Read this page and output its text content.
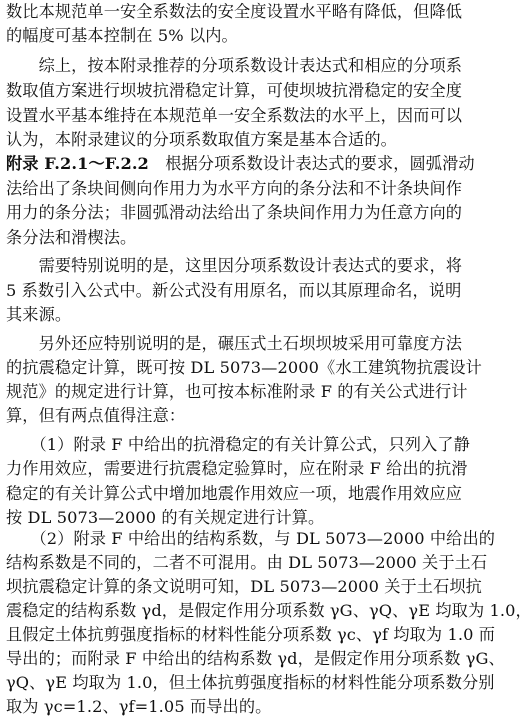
数比本规范单一安全系数法的安全度设置水平略有降低，但降低
的幅度可基本控制在 5% 以内。
　　综上，按本附录推荐的分项系数设计表达式和相应的分项系
数取值方案进行坝坡抗滑稳定计算，可使坝坡抗滑稳定的安全度
设置水平基本维持在本规范单一安全系数法的水平上，因而可以
认为，本附录建议的分项系数取值方案是基本合适的。
附录 F.2.1～F.2.2　根据分项系数设计表达式的要求，圆弧滑动
法给出了条块间侧向作用力为水平方向的条分法和不计条块间作
用力的条分法；非圆弧滑动法给出了条块间作用力为任意方向的
条分法和滑楔法。
　　需要特别说明的是，这里因分项系数设计表达式的要求，将
5 系数引入公式中。新公式没有用原名，而以其原理命名，说明
其来源。
　　另外还应特别说明的是，碾压式土石坝坝坡采用可靠度方法
的抗震稳定计算，既可按 DL 5073—2000《水工建筑物抗震设计
规范》的规定进行计算，也可按本标准附录 F 的有关公式进行计
算，但有两点值得注意：
　　（1）附录 F 中给出的抗滑稳定的有关计算公式，只列入了静
力作用效应，需要进行抗震稳定验算时，应在附录 F 给出的抗滑
稳定的有关计算公式中增加地震作用效应一项，地震作用效应应
按 DL 5073—2000 的有关规定进行计算。
　　（2）附录 F 中给出的结构系数，与 DL 5073—2000 中给出的
结构系数是不同的，二者不可混用。由 DL 5073—2000 关于土石
坝抗震稳定计算的条文说明可知，DL 5073—2000 关于土石坝抗
震稳定的结构系数 γd，是假定作用分项系数 γG、γQ、γE 均取为 1.0，
且假定土体抗剪强度指标的材料性能分项系数 γc、γf 均取为 1.0 而
导出的；而附录 F 中给出的结构系数 γd，是假定作用分项系数 γG、
γQ、γE 均取为 1.0，但土体抗剪强度指标的材料性能分项系数分别
取为 γc=1.2、γf=1.05 而导出的。
